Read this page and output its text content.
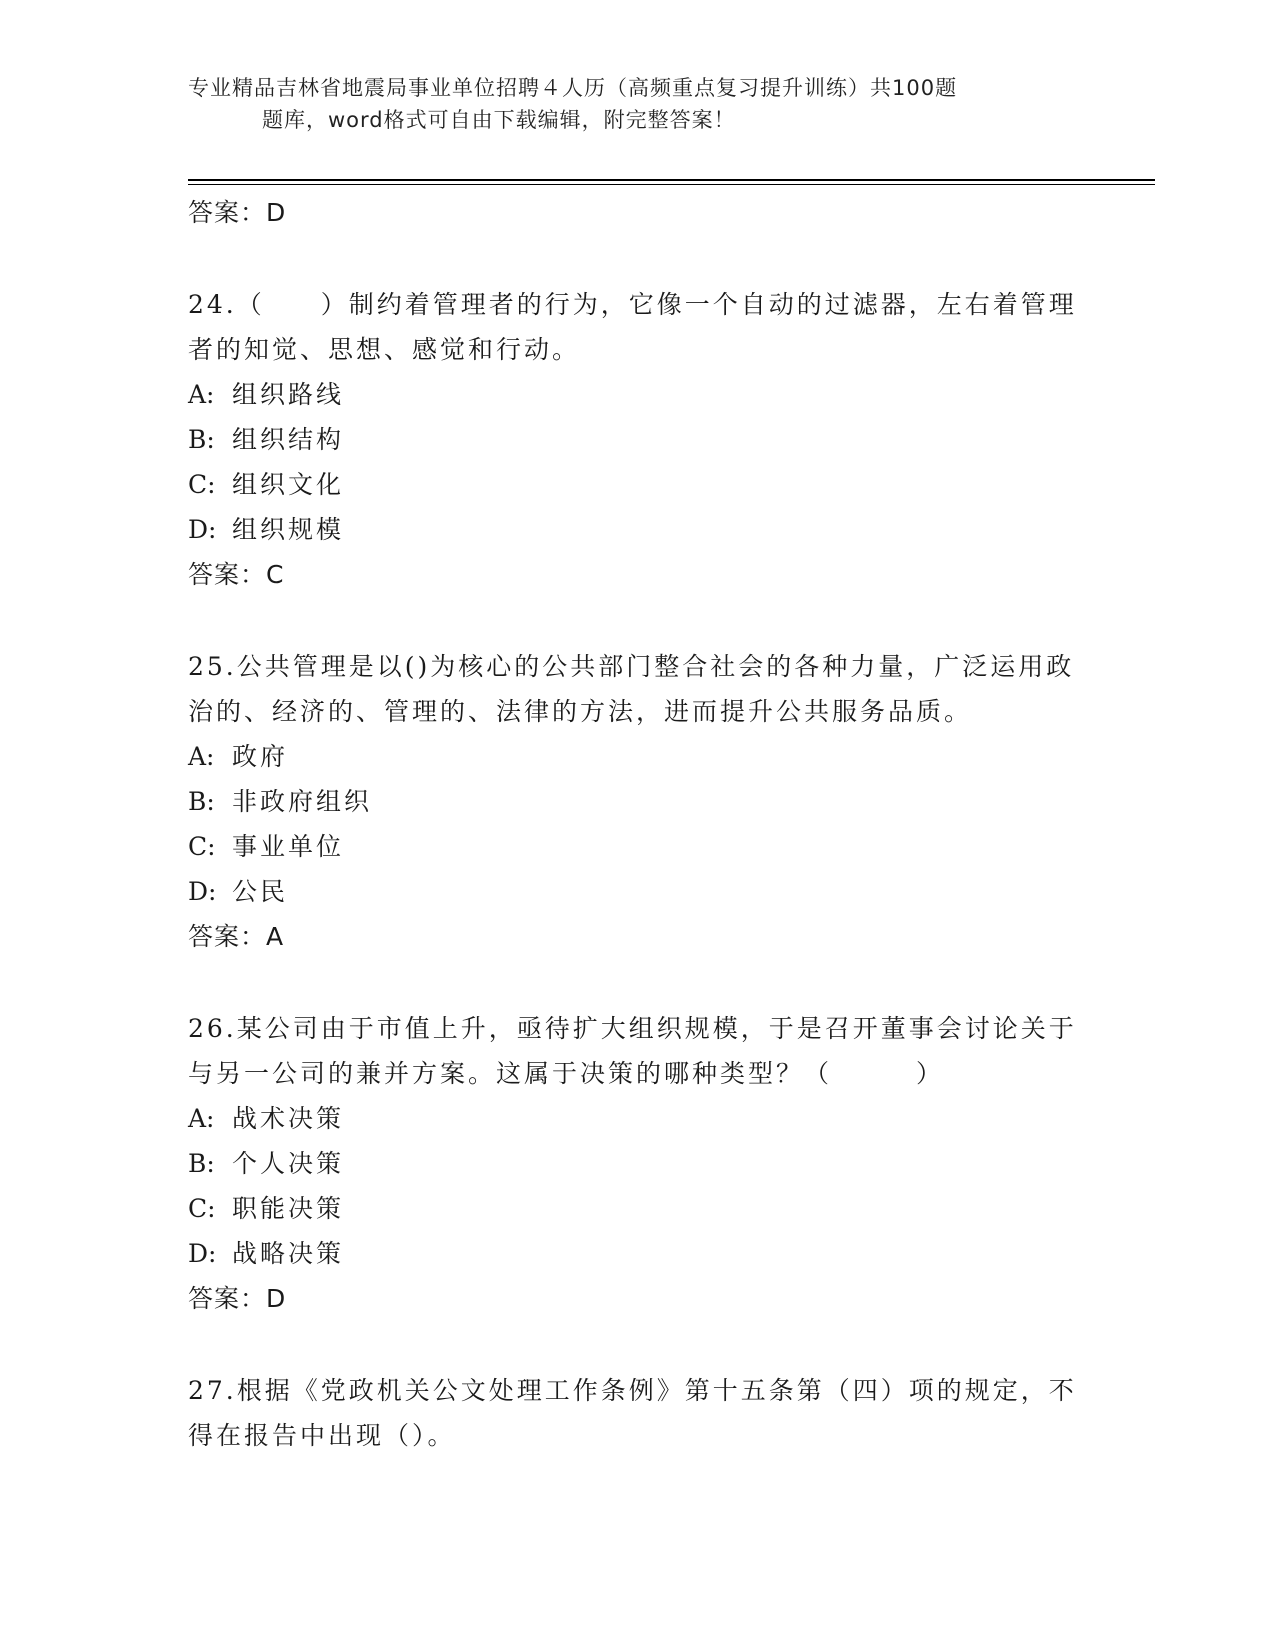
专业精品吉林省地震局事业单位招聘４人历（高频重点复习提升训练）共100题
题库，word格式可自由下载编辑，附完整答案！
答案：D
24.（　　）制约着管理者的行为，它像一个自动的过滤器，左右着管理者的知觉、思想、感觉和行动。
A: 组织路线
B: 组织结构
C: 组织文化
D: 组织规模
答案：C
25.公共管理是以()为核心的公共部门整合社会的各种力量，广泛运用政治的、经济的、管理的、法律的方法，进而提升公共服务品质。
A: 政府
B: 非政府组织
C: 事业单位
D: 公民
答案：A
26.某公司由于市值上升，亟待扩大组织规模，于是召开董事会讨论关于与另一公司的兼并方案。这属于决策的哪种类型？（　　　）
A: 战术决策
B: 个人决策
C: 职能决策
D: 战略决策
答案：D
27.根据《党政机关公文处理工作条例》第十五条第（四）项的规定，不得在报告中出现（）。
